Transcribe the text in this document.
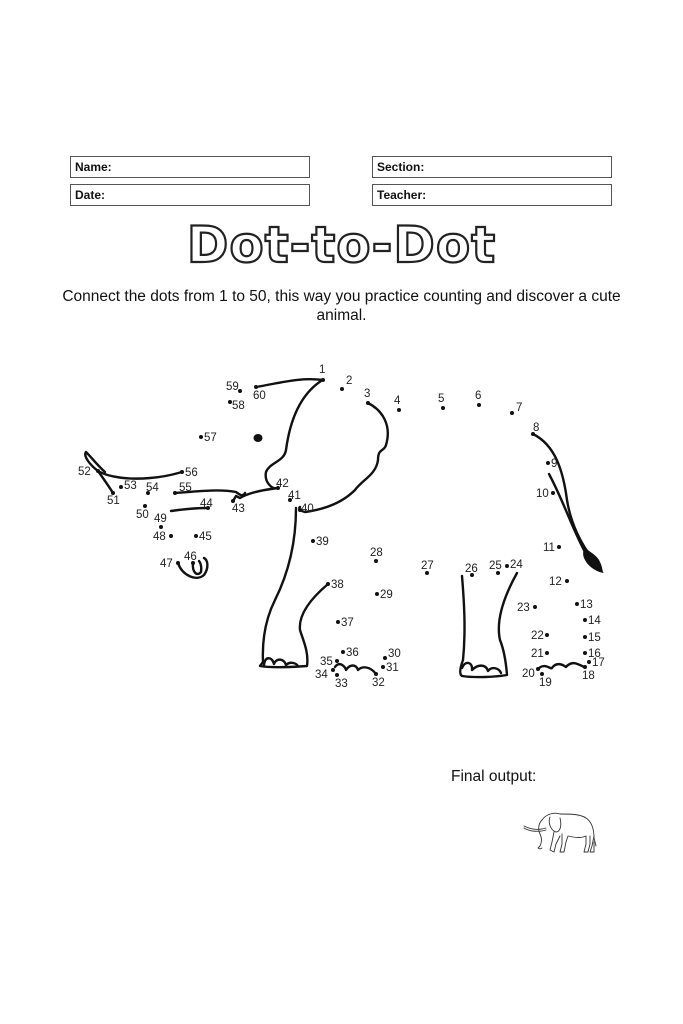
Name:
Date:
Section:
Teacher:
Dot-to-Dot
Connect the dots from 1 to 50, this way you practice counting and discover a cute animal.
1
2
3
4	5	6
7
8
9
10
11
12
13
14
15
16
17
18
19
20
21
22
23
24
25
26
27
28
29
30
31
32
33
34
35
36
37
38
39
40
41
42
43
44
45
46
47
48
49
50
51
52
53 54 55
56
57
58
59
60
Final output:
